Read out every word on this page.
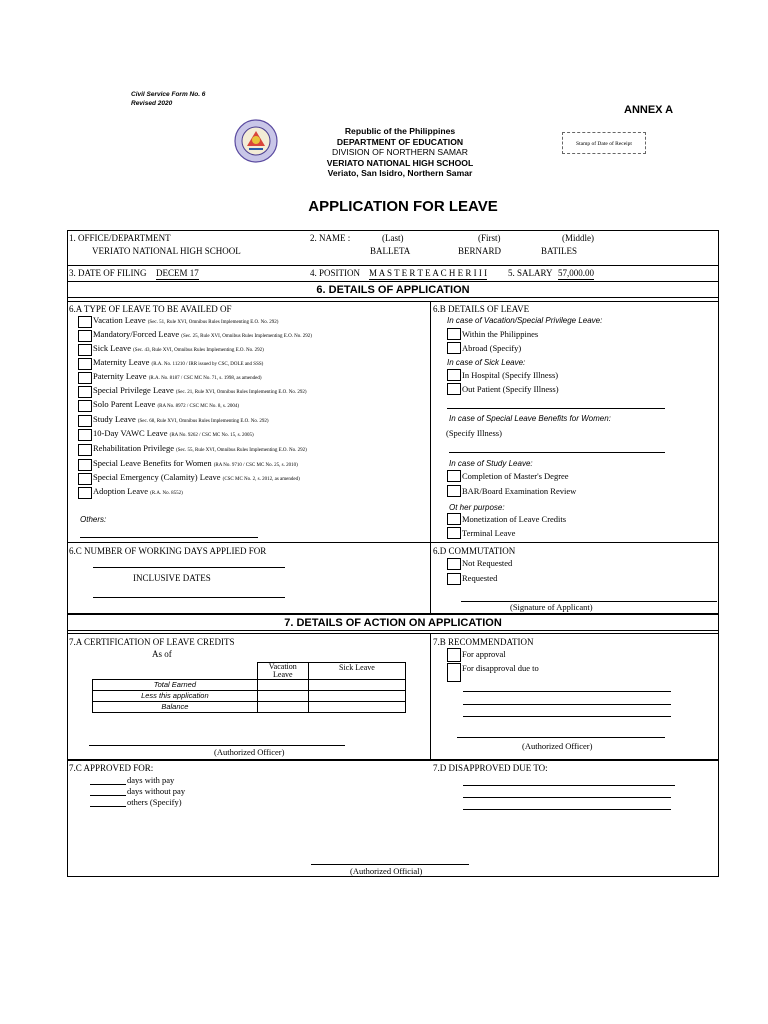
Civil Service Form No. 6
Revised 2020
ANNEX A
Republic of the Philippines
DEPARTMENT OF EDUCATION
DIVISION OF NORTHERN SAMAR
VERIATO NATIONAL HIGH SCHOOL
Veriato, San Isidro, Northern Samar
Stamp of Date of Receipt
APPLICATION FOR LEAVE
1. OFFICE/DEPARTMENT
VERIATO NATIONAL HIGH SCHOOL
2. NAME :	(Last)	(First)	(Middle)
BALLETA	BERNARD	BATILES
3. DATE OF FILING DECEM 17	4. POSITION M A S T E R T E A C H E R I I I 5. SALARY 57,000.00
6. DETAILS OF APPLICATION
6.A TYPE OF LEAVE TO BE AVAILED OF
Vacation Leave (Sec. 51, Rule XVI, Omnibus Rules Implementing E.O. No. 292)
Mandatory/Forced Leave (Sec. 25, Rule XVI, Omnibus Rules Implementing E.O. No. 292)
Sick Leave (Sec. 43, Rule XVI, Omnibus Rules Implementing E.O. No. 292)
Maternity Leave (R.A. No. 11210 / IRR issued by CSC, DOLE and SSS)
Paternity Leave (R.A. No. 8187 / CSC MC No. 71, s. 1998, as amended)
Special Privilege Leave (Sec. 21, Rule XVI, Omnibus Rules Implementing E.O. No. 292)
Solo Parent Leave (RA No. 8972 / CSC MC No. 8, s. 2004)
Study Leave (Sec. 68, Rule XVI, Omnibus Rules Implementing E.O. No. 292)
10-Day VAWC Leave (RA No. 9262 / CSC MC No. 15, s. 2005)
Rehabilitation Privilege (Sec. 55, Rule XVI, Omnibus Rules Implementing E.O. No. 292)
Special Leave Benefits for Women (RA No. 9710 / CSC MC No. 25, s. 2010)
Special Emergency (Calamity) Leave (CSC MC No. 2, s. 2012, as amended)
Adoption Leave (R.A. No. 8552)
Others:
6.B DETAILS OF LEAVE
In case of Vacation/Special Privilege Leave:
Within the Philippines
Abroad (Specify)
In case of Sick Leave:
In Hospital (Specify Illness)
Out Patient (Specify Illness)
In case of Special Leave Benefits for Women:
(Specify Illness)
In case of Study Leave:
Completion of Master's Degree
BAR/Board Examination Review
Ot her purpose:
Monetization of Leave Credits
Terminal Leave
6.C NUMBER OF WORKING DAYS APPLIED FOR
INCLUSIVE DATES
6.D COMMUTATION
Not Requested
Requested
(Signature of Applicant)
7. DETAILS OF ACTION ON APPLICATION
7.A CERTIFICATION OF LEAVE CREDITS
As of
	Vacation Leave	Sick Leave
Total Earned		
Less this application		
Balance		
(Authorized Officer)
7.B RECOMMENDATION
For approval
For disapproval due to
(Authorized Officer)
7.C APPROVED FOR:
days with pay
days without pay
others (Specify)
7.D DISAPPROVED DUE TO:
(Authorized Official)
